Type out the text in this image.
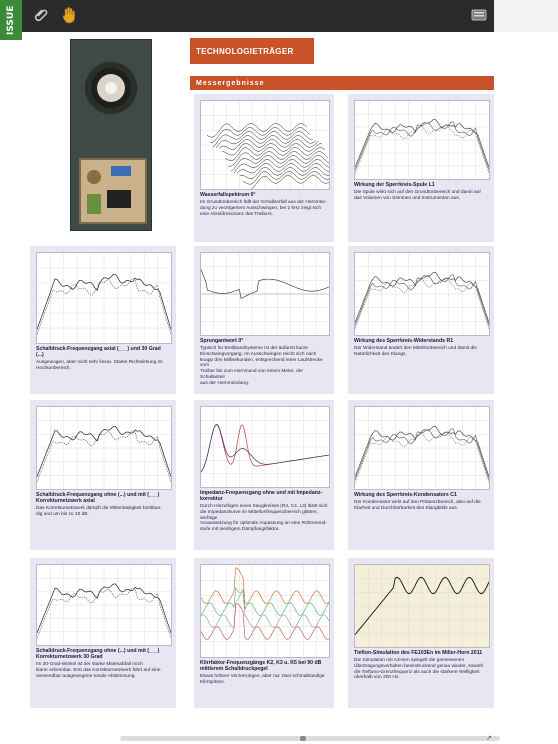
ISSUE
TECHNOLOGIETRÄGER
Messergebnisse
Wasserfallspektrum 0°
Im Grundtonbereich fällt der Schallzerfall aus der Hornmün-
dung zu verzögertem Ausschwingen, bei 2 kHz zeigt sich
eine Abreißresonanz des Treibers.
Wirkung der Sperrkreis-Spule L1
Die Spule wirkt sich auf den Grundtonbereich und damit auf
das Volumen von Stimmen und Instrumenten aus.
Schalldruck-Frequenzgang axial (___) und 30 Grad
(...)
Ausgewogen, aber nicht sehr linear. Starke Richtwirkung im
Hochtonbereich.
Sprungantwort 0°
Typisch für Breitbandsysteme ist der äußerst kurze
Einschwingvorgang. Im Ausschwingen reicht sich nach
knapp drei Millisekunden, entsprechend einer Laufstrecke vom
Treiber bis zum Hornmund von einem Meter, der Schallanteil
aus der Hornmündung.
Wirkung des Sperrkreis-Widerstands R1
Der Widerstand ändert den Mitteltonbereich und damit die
Natürlichkeit des Klangs.
Schalldruck-Frequenzgang ohne (...) und mit (___)
Korrekturnetzwerk axial
Das Korrekturnetzwerk dämpft die Mittenlastigkeit breitban-
dig und um bis zu 10 dB.
Impedanz-Frequenzgang ohne und mit Impedanz-
korrektur
Durch Hinzufügen eines Saugkreises (R4, C4, L3) lässt sich
die Impedanzkurve im Mitteltonfrequenzbereich glätten, wichtige
Voraussetzung für optimale Anpassung an eine Röhrenend-
stufe mit niedrigem Dämpfungsfaktor.
Wirkung des Sperrkreis-Kondensators C1
Der Kondensator wirkt auf den Präsenzbereich, also auf die
Klarheit und Durchhörbarkeit des Klangbilds aus.
Schalldruck-Frequenzgang ohne (...) und mit (___)
Korrekturnetzwerk 30 Grad
Im 30-Grad-Winkel ist der starke Mittenabfall noch
klarer erkennbar. Erst das Korrekturnetzwerk führt auf eine
verwendbar ausgewogene tonale Abstimmung.
Klirrfaktor-Frequenzgänge K2, K3 u. K5 bei 90 dB
mittlerem Schalldruckpegel
Etwas höhere Verzerrungen, aber nur zwei schmalbandige
Klirrspitzen.
Tiefton-Simulation des FE103En im Miller-Horn 2011
Die Simulation mit AJHorn spiegelt die gemessenen
Übertragungsverhalten beeindruckend genau wieder, sowohl
die Tieftono-Grenzfrequenz als auch die stärkere Welligkeit
oberhalb von 200 Hz.
↗
